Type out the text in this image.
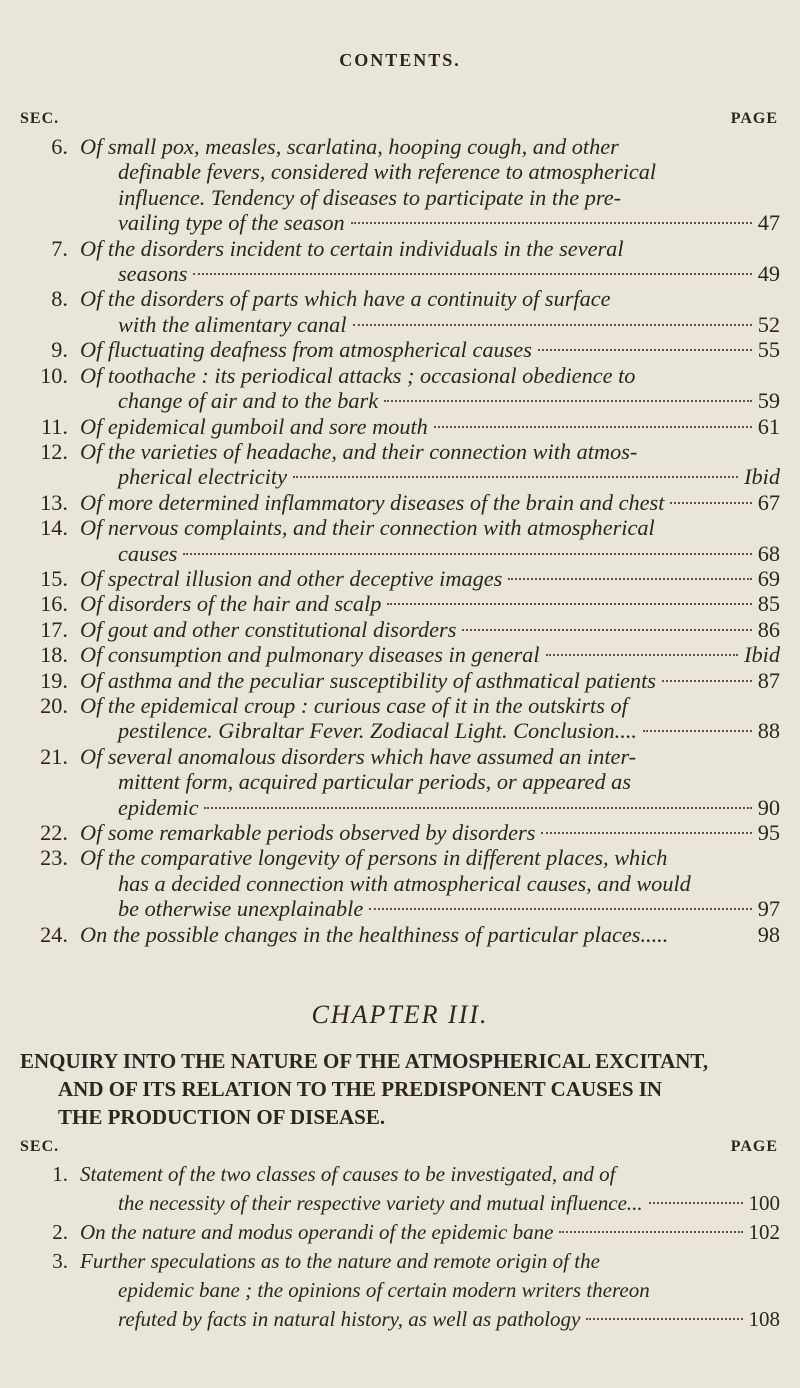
CONTENTS.
SEC.	PAGE
6. Of small pox, measles, scarlatina, hooping cough, and other
definable fevers, considered with reference to atmospherical
influence. Tendency of diseases to participate in the pre-
vailing type of the season	47
7. Of the disorders incident to certain individuals in the several
seasons	49
8. Of the disorders of parts which have a continuity of surface
with the alimentary canal	52
9. Of fluctuating deafness from atmospherical causes	55
10. Of toothache : its periodical attacks ; occasional obedience to
change of air and to the bark	59
11. Of epidemical gumboil and sore mouth	61
12. Of the varieties of headache, and their connection with atmos-
pherical electricity	Ibid
13. Of more determined inflammatory diseases of the brain and chest	67
14. Of nervous complaints, and their connection with atmospherical
causes	68
15. Of spectral illusion and other deceptive images	69
16. Of disorders of the hair and scalp	85
17. Of gout and other constitutional disorders	86
18. Of consumption and pulmonary diseases in general	Ibid
19. Of asthma and the peculiar susceptibility of asthmatical patients	87
20. Of the epidemical croup : curious case of it in the outskirts of
pestilence. Gibraltar Fever. Zodiacal Light. Conclusion....	88
21. Of several anomalous disorders which have assumed an inter-
mittent form, acquired particular periods, or appeared as
epidemic	90
22. Of some remarkable periods observed by disorders	95
23. Of the comparative longevity of persons in different places, which
has a decided connection with atmospherical causes, and would
be otherwise unexplainable	97
24. On the possible changes in the healthiness of particular places.....	98
CHAPTER III.
ENQUIRY INTO THE NATURE OF THE ATMOSPHERICAL EXCITANT,
AND OF ITS RELATION TO THE PREDISPONENT CAUSES IN
THE PRODUCTION OF DISEASE.
SEC.	PAGE
1. Statement of the two classes of causes to be investigated, and of
the necessity of their respective variety and mutual influence...	100
2. On the nature and modus operandi of the epidemic bane	102
3. Further speculations as to the nature and remote origin of the
epidemic bane ; the opinions of certain modern writers thereon
refuted by facts in natural history, as well as pathology	108
